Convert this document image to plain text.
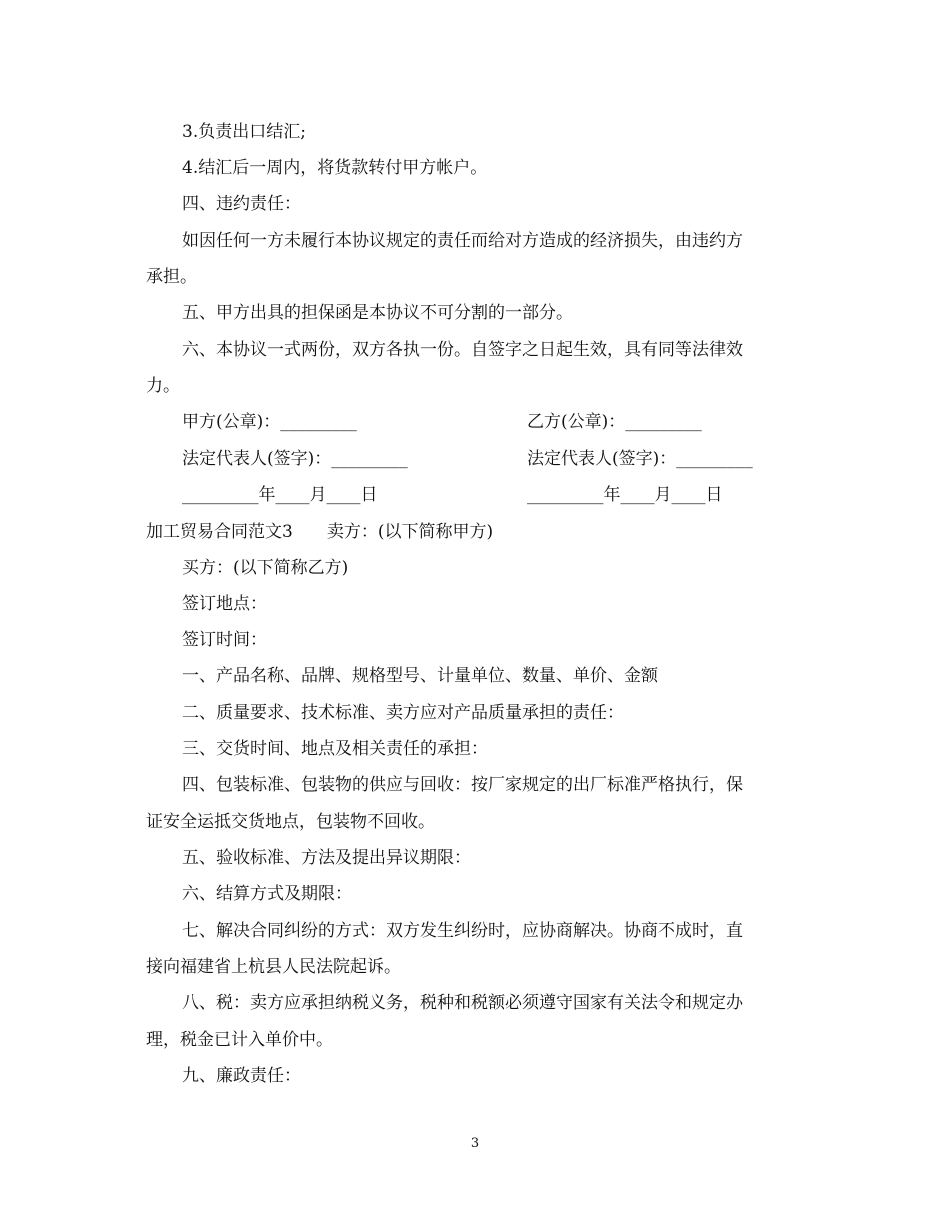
3.负责出口结汇;
4.结汇后一周内，将货款转付甲方帐户。
四、违约责任：
如因任何一方未履行本协议规定的责任而给对方造成的经济损失，由违约方
承担。
五、甲方出具的担保函是本协议不可分割的一部分。
六、本协议一式两份，双方各执一份。自签字之日起生效，具有同等法律效
力。
甲方(公章)：_________	乙方(公章)：_________
法定代表人(签字)：_________	法定代表人(签字)：_________
_________年____月____日	_________年____月____日
加工贸易合同范文3　　卖方：(以下简称甲方)
买方：(以下简称乙方)
签订地点：
签订时间：
一、产品名称、品牌、规格型号、计量单位、数量、单价、金额
二、质量要求、技术标准、卖方应对产品质量承担的责任：
三、交货时间、地点及相关责任的承担：
四、包装标准、包装物的供应与回收：按厂家规定的出厂标准严格执行，保
证安全运抵交货地点，包装物不回收。
五、验收标准、方法及提出异议期限：
六、结算方式及期限：
七、解决合同纠纷的方式：双方发生纠纷时，应协商解决。协商不成时，直
接向福建省上杭县人民法院起诉。
八、税：卖方应承担纳税义务，税种和税额必须遵守国家有关法令和规定办
理，税金已计入单价中。
九、廉政责任：
3
